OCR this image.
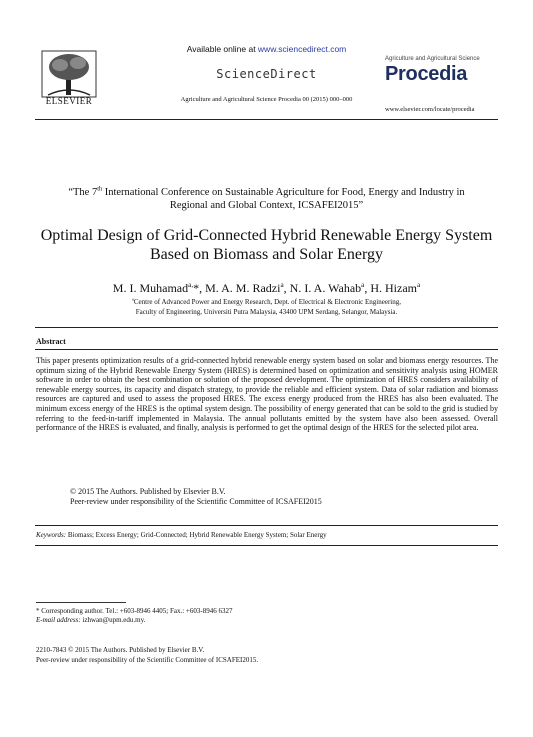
ELSEVIER
Available online at www.sciencedirect.com
ScienceDirect
Agriculture and Agricultural Science Procedia 00 (2015) 000–000
Agriculture and Agricultural Science
Procedia
www.elsevier.com/locate/procedia
“The 7th International Conference on Sustainable Agriculture for Food, Energy and Industry in
Regional and Global Context, ICSAFEI2015”
Optimal Design of Grid-Connected Hybrid Renewable Energy System
Based on Biomass and Solar Energy
M. I. Muhamad$^{a,}$*, M. A. M. Radzi$^a$, N. I. A. Wahab$^a$, H. Hizam$^a$
$^a$Centre of Advanced Power and Energy Research, Dept. of Electrical & Electronic Engineering,
Faculty of Engineering, Universiti Putra Malaysia, 43400 UPM Serdang, Selangor, Malaysia.
Abstract
This paper presents optimization results of a grid-connected hybrid renewable energy system based on solar and biomass energy resources. The optimum sizing of the Hybrid Renewable Energy System (HRES) is determined based on optimization and sensitivity analysis using HOMER software in order to obtain the best combination or solution of the proposed development. The optimization of HRES considers availability of renewable energy sources, its capacity and dispatch strategy, to provide the reliable and efficient system. Data of solar radiation and biomass resources are captured and used to assess the proposed HRES. The excess energy produced from the HRES has also been evaluated. The minimum excess energy of the HRES is the optimal system design. The possibility of energy generated that can be sold to the grid is studied by referring to the feed-in-tariff implemented in Malaysia. The annual pollutants emitted by the system have also been assessed. Overall performance of the HRES is evaluated, and finally, analysis is performed to get the optimal design of the HRES for the selected pilot area.
© 2015 The Authors. Published by Elsevier B.V.
Peer-review under responsibility of the Scientific Committee of ICSAFEI2015
Keywords: Biomass; Excess Energy; Grid-Connected; Hybrid Renewable Energy System; Solar Energy
* Corresponding author. Tel.: +603-8946 4405; Fax.: +603-8946 6327
E-mail address: izhwan@upm.edu.my.
2210-7843 © 2015 The Authors. Published by Elsevier B.V.
Peer-review under responsibility of the Scientific Committee of ICSAFEI2015.
